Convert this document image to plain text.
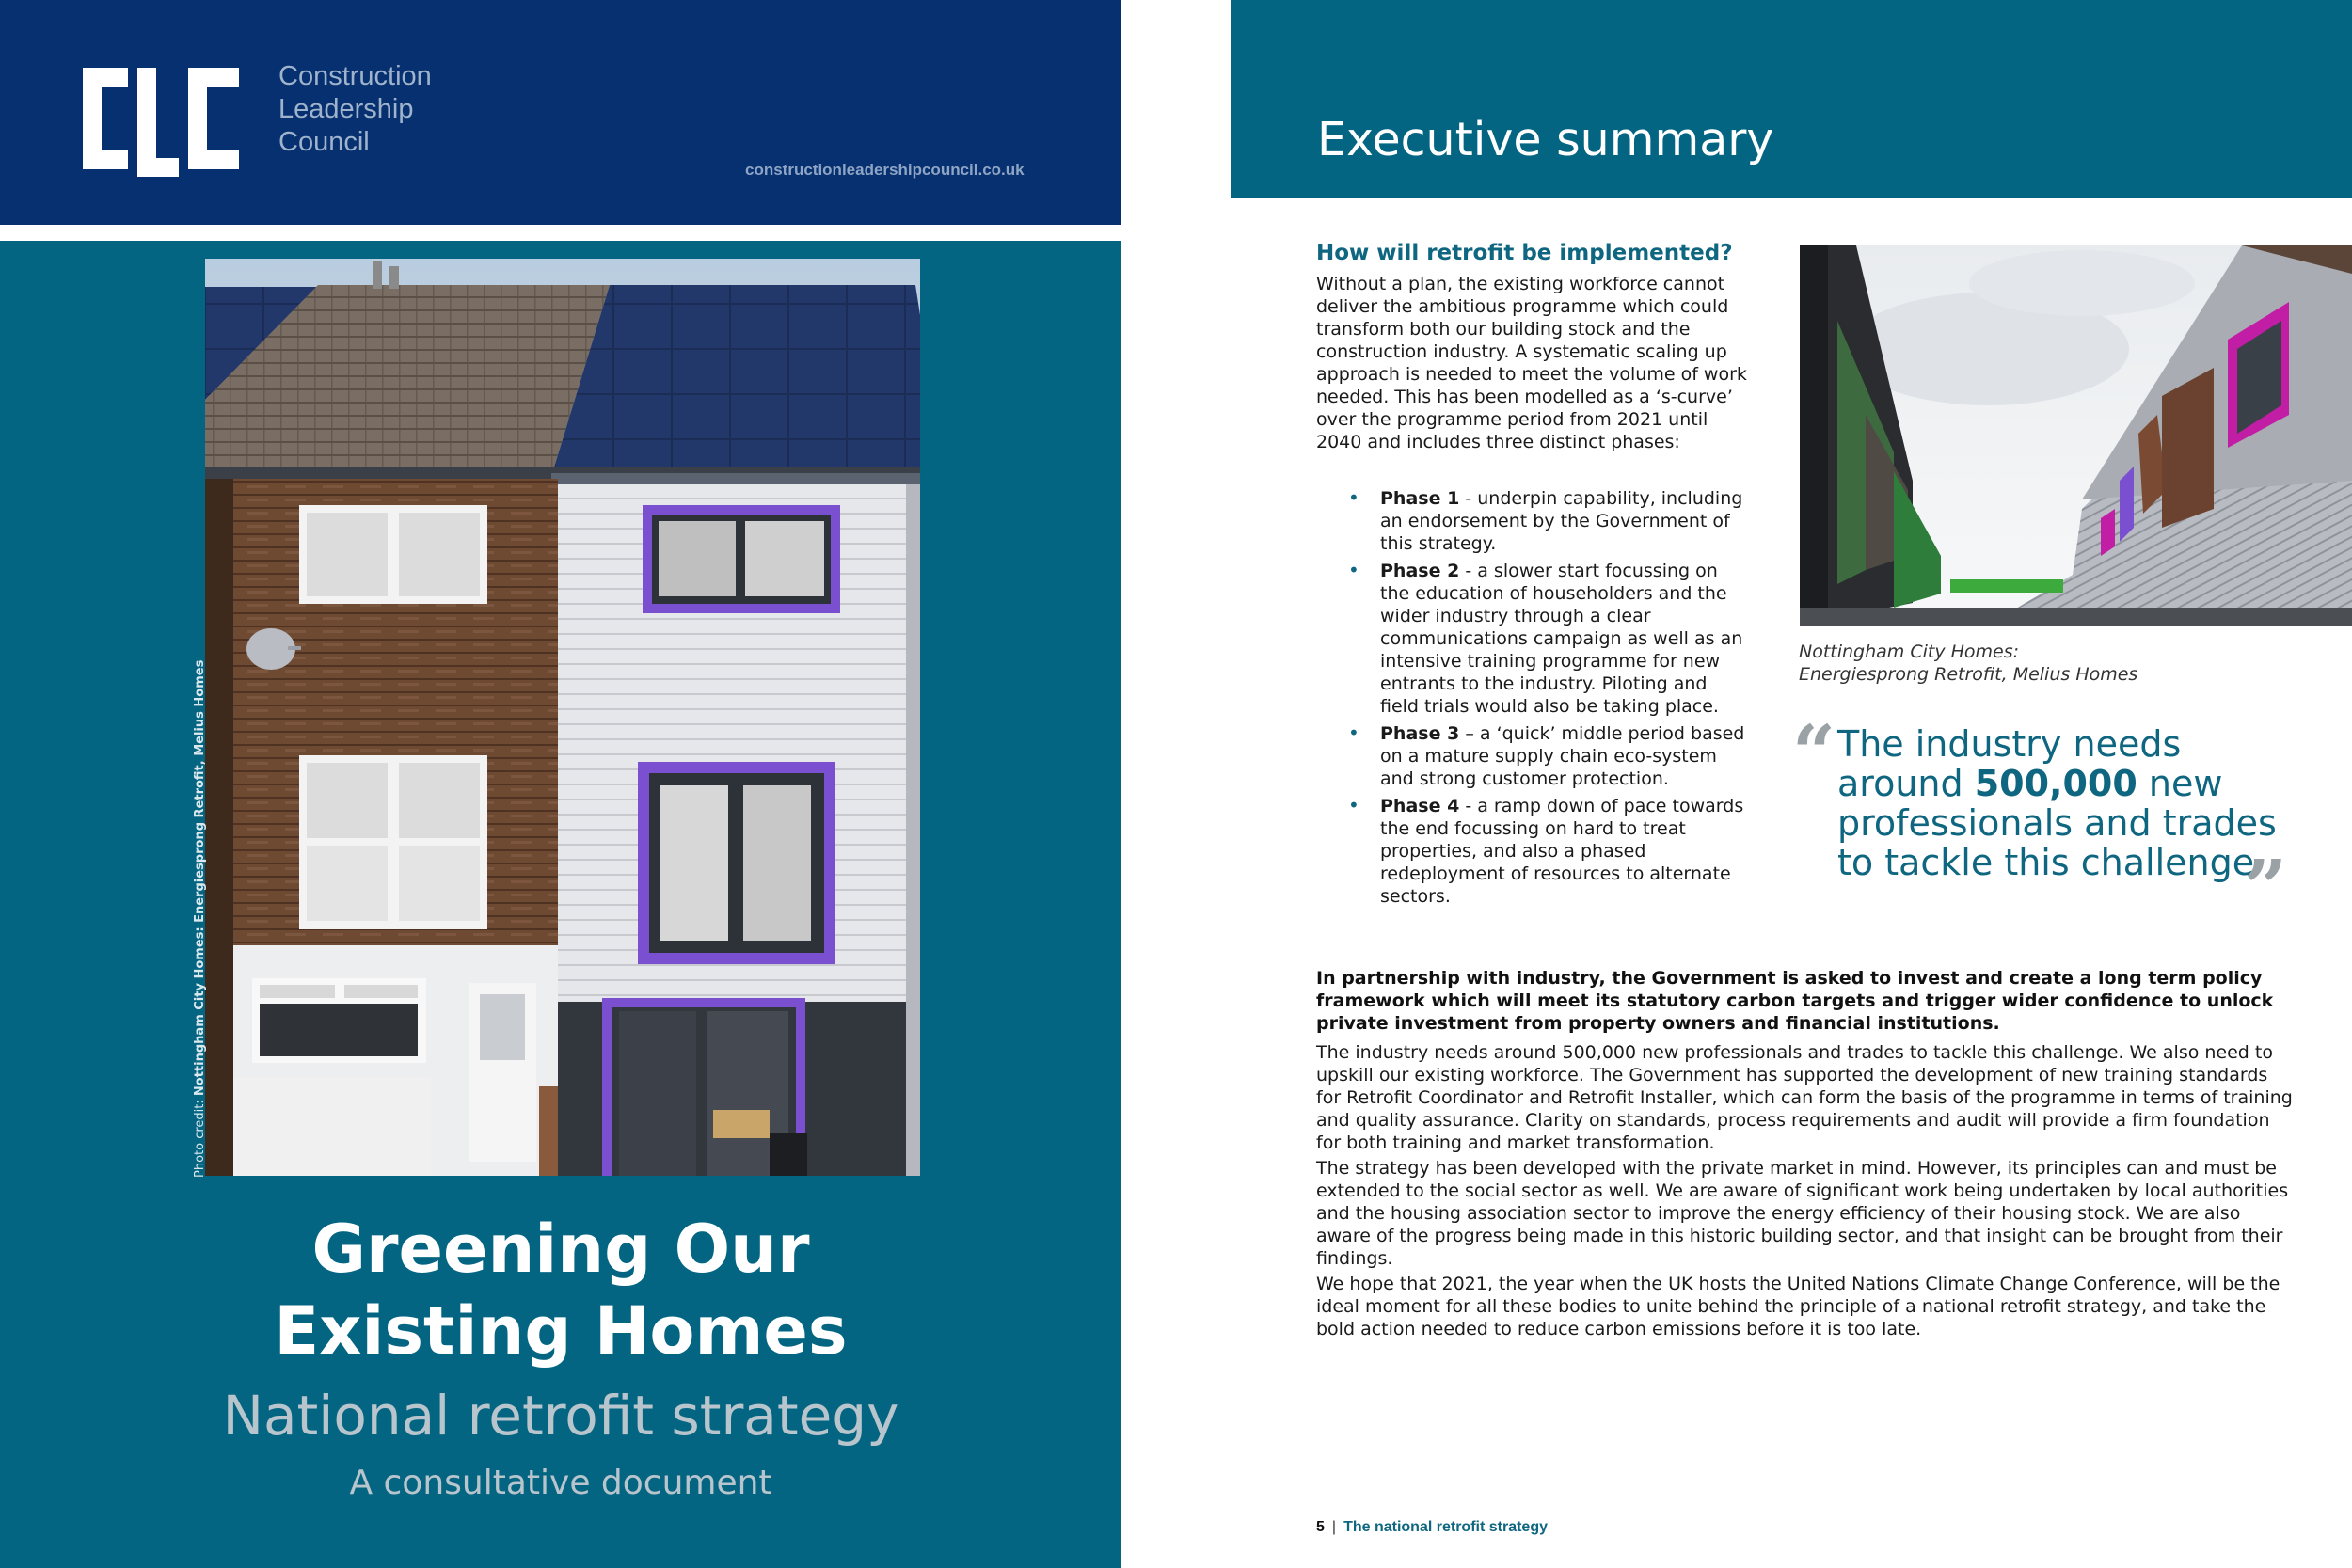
Construction
Leadership
Council
constructionleadershipcouncil.co.uk
Photo credit: Nottingham City Homes: Energiesprong Retrofit, Melius Homes
Greening Our
Existing Homes
National retrofit strategy
A consultative document
Executive summary
How will retrofit be implemented?
Without a plan, the existing workforce cannot deliver the ambitious programme which could transform both our building stock and the construction industry. A systematic scaling up approach is needed to meet the volume of work needed. This has been modelled as a ‘s-curve’ over the programme period from 2021 until 2040 and includes three distinct phases:
• Phase 1 - underpin capability, including an endorsement by the Government of this strategy.
• Phase 2 - a slower start focussing on the education of householders and the wider industry through a clear communications campaign as well as an intensive training programme for new entrants to the industry. Piloting and field trials would also be taking place.
• Phase 3 – a ‘quick’ middle period based on a mature supply chain eco-system and strong customer protection.
• Phase 4 - a ramp down of pace towards the end focussing on hard to treat properties, and also a phased redeployment of resources to alternate sectors.
Nottingham City Homes:
Energiesprong Retrofit, Melius Homes
“ The industry needs around 500,000 new professionals and trades to tackle this challenge
”
In partnership with industry, the Government is asked to invest and create a long term policy framework which will meet its statutory carbon targets and trigger wider confidence to unlock private investment from property owners and financial institutions.

The industry needs around 500,000 new professionals and trades to tackle this challenge. We also need to upskill our existing workforce. The Government has supported the development of new training standards for Retrofit Coordinator and Retrofit Installer, which can form the basis of the programme in terms of training and quality assurance. Clarity on standards, process requirements and audit will provide a firm foundation for both training and market transformation.

The strategy has been developed with the private market in mind. However, its principles can and must be extended to the social sector as well. We are aware of significant work being undertaken by local authorities and the housing association sector to improve the energy efficiency of their housing stock. We are also aware of the progress being made in this historic building sector, and that insight can be brought from their findings.

We hope that 2021, the year when the UK hosts the United Nations Climate Change Conference, will be the ideal moment for all these bodies to unite behind the principle of a national retrofit strategy, and take the bold action needed to reduce carbon emissions before it is too late.

5 | The national retrofit strategy
